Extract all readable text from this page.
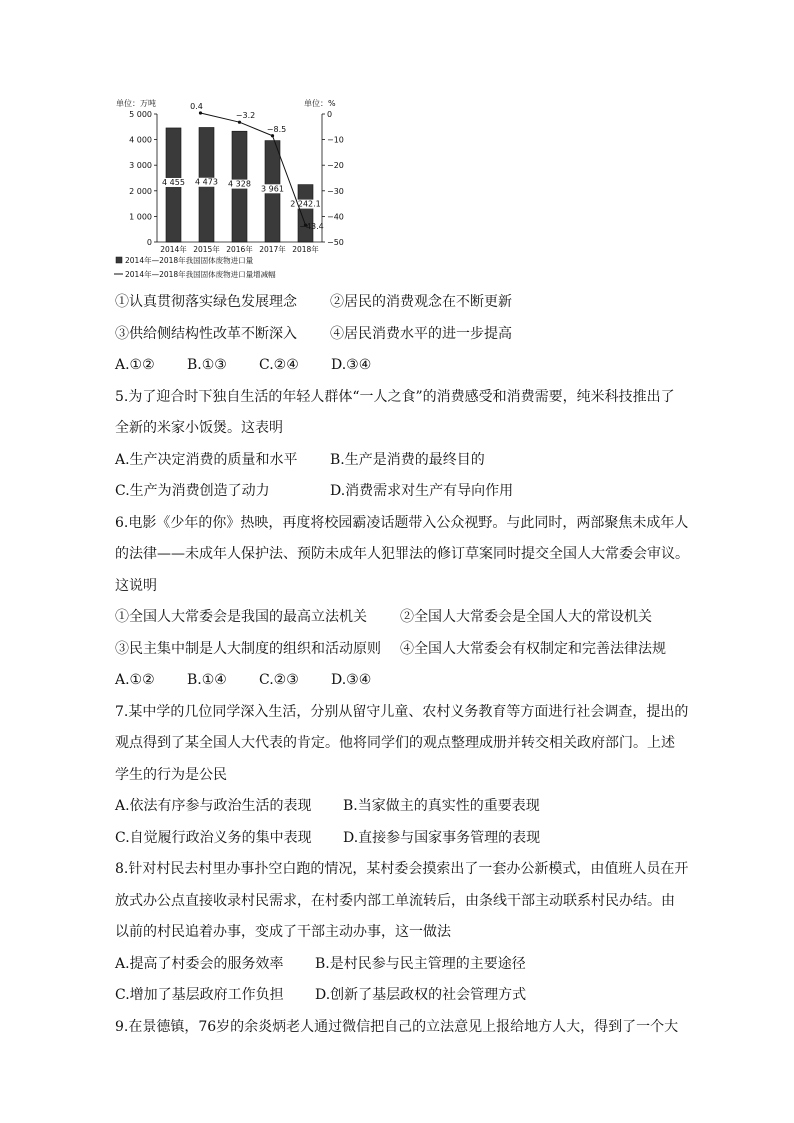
单位：万吨	单位：%
5 000
4 000
3 000
2 000
1 000
0
0
−10
−20
−30
−40
−50
4 455 4 473 4 328
3 961
2 242.1
2014年 2015年 2016年 2017年 2018年
0.4
−3.2
−8.5
−43.4
2014年—2018年我国固体废物进口量
2014年—2018年我国固体废物进口量增减幅
①认真贯彻落实绿色发展理念 ②居民的消费观念在不断更新
③供给侧结构性改革不断深入 ④居民消费水平的进一步提高
A.①② B.①③ C.②④ D.③④
5.为了迎合时下独自生活的年轻人群体“一人之食”的消费感受和消费需要，纯米科技推出了
全新的米家小饭煲。这表明
A.生产决定消费的质量和水平 B.生产是消费的最终目的
C.生产为消费创造了动力	D.消费需求对生产有导向作用
6.电影《少年的你》热映，再度将校园霸凌话题带入公众视野。与此同时，两部聚焦未成年人
的法律——未成年人保护法、预防未成年人犯罪法的修订草案同时提交全国人大常委会审议。
这说明
①全国人大常委会是我国的最高立法机关 ②全国人大常委会是全国人大的常设机关
③民主集中制是人大制度的组织和活动原则 ④全国人大常委会有权制定和完善法律法规
A.①② B.①④ C.②③ D.③④
7.某中学的几位同学深入生活，分别从留守儿童、农村义务教育等方面进行社会调查，提出的
观点得到了某全国人大代表的肯定。他将同学们的观点整理成册并转交相关政府部门。上述
学生的行为是公民
A.依法有序参与政治生活的表现 B.当家做主的真实性的重要表现
C.自觉履行政治义务的集中表现 D.直接参与国家事务管理的表现
8.针对村民去村里办事扑空白跑的情况，某村委会摸索出了一套办公新模式，由值班人员在开
放式办公点直接收录村民需求，在村委内部工单流转后，由条线干部主动联系村民办结。由
以前的村民追着办事，变成了干部主动办事，这一做法
A.提高了村委会的服务效率 B.是村民参与民主管理的主要途径
C.增加了基层政府工作负担 D.创新了基层政权的社会管理方式
9.在景德镇，76岁的余炎炳老人通过微信把自己的立法意见上报给地方人大，得到了一个大
